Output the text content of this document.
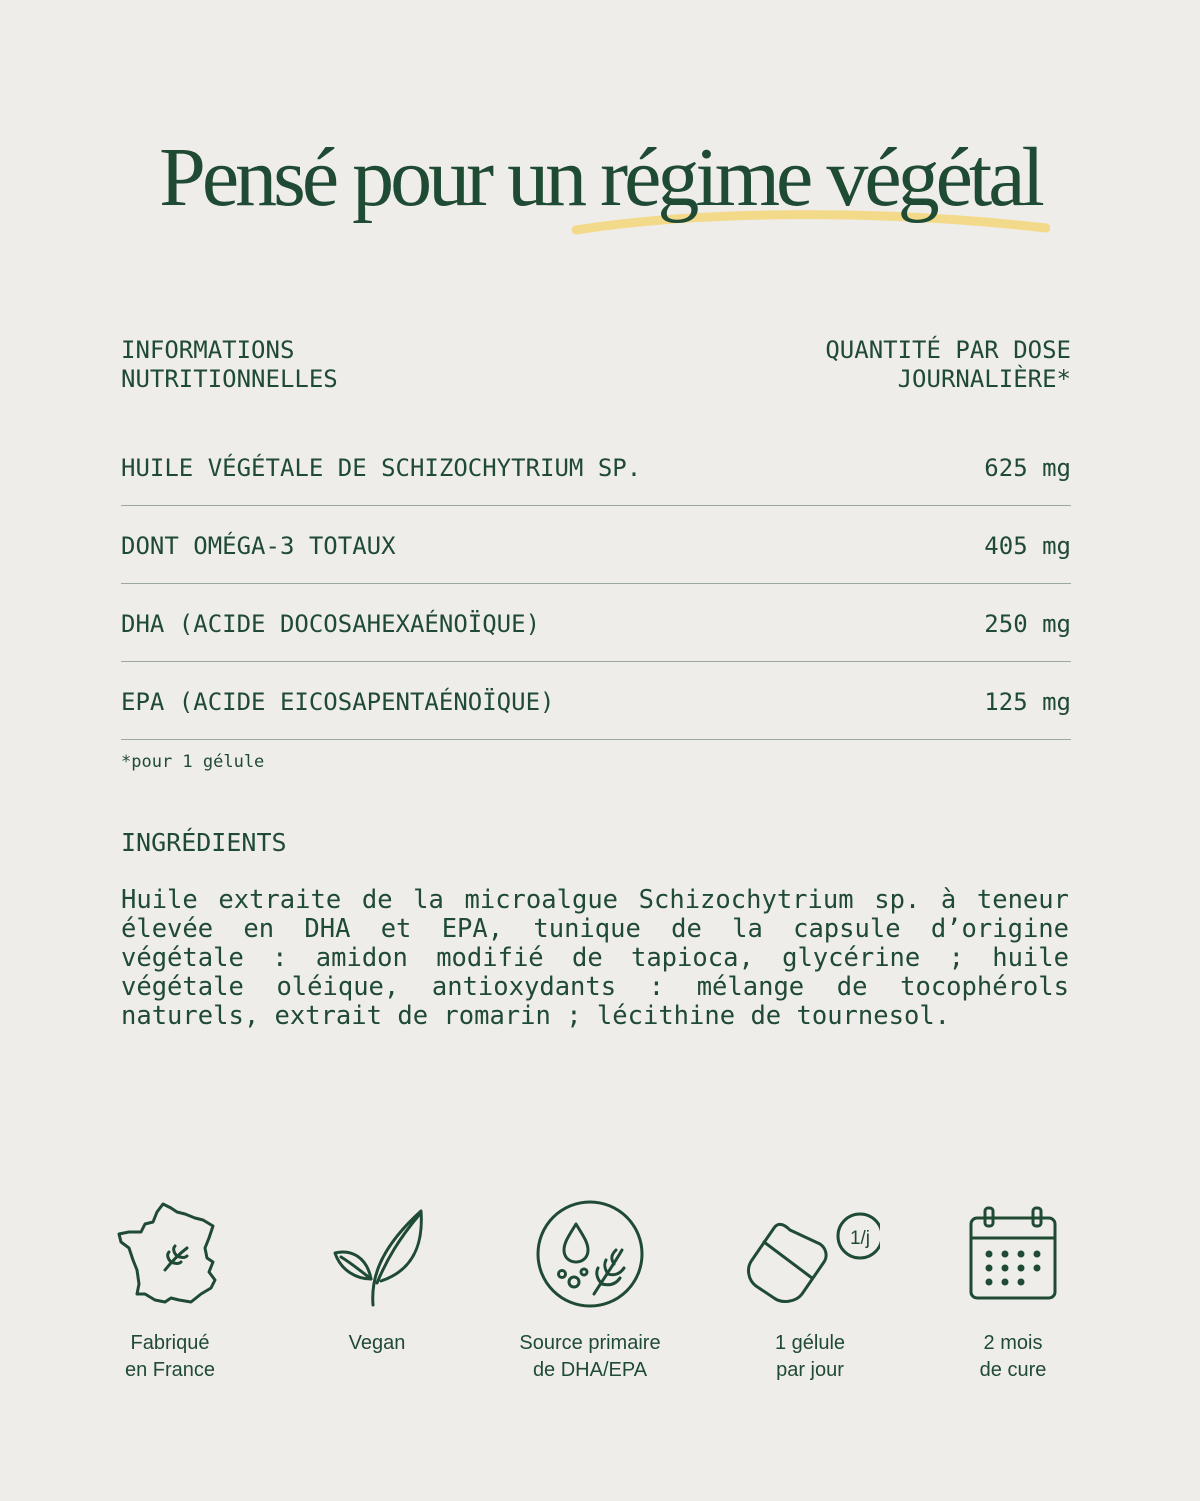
Pensé pour un régime végétal
INFORMATIONS
NUTRITIONNELLES
QUANTITÉ PAR DOSE
JOURNALIÈRE*
HUILE VÉGÉTALE DE SCHIZOCHYTRIUM SP.	625 mg
DONT OMÉGA-3 TOTAUX	405 mg
DHA (ACIDE DOCOSAHEXAÉNOÏQUE)	250 mg
EPA (ACIDE EICOSAPENTAÉNOÏQUE)	125 mg
*pour 1 gélule
INGRÉDIENTS

Huile extraite de la microalgue Schizochytrium sp. à teneur élevée en DHA et EPA, tunique de la capsule d’origine végétale : amidon modifié de tapioca, glycérine ; huile végétale oléique, antioxydants : mélange de tocophérols naturels, extrait de romarin ; lécithine de tournesol.

Fabriqué
en France
Vegan	Source primaire
de DHA/EPA
1/j
1 gélule
par jour
2 mois
de cure
